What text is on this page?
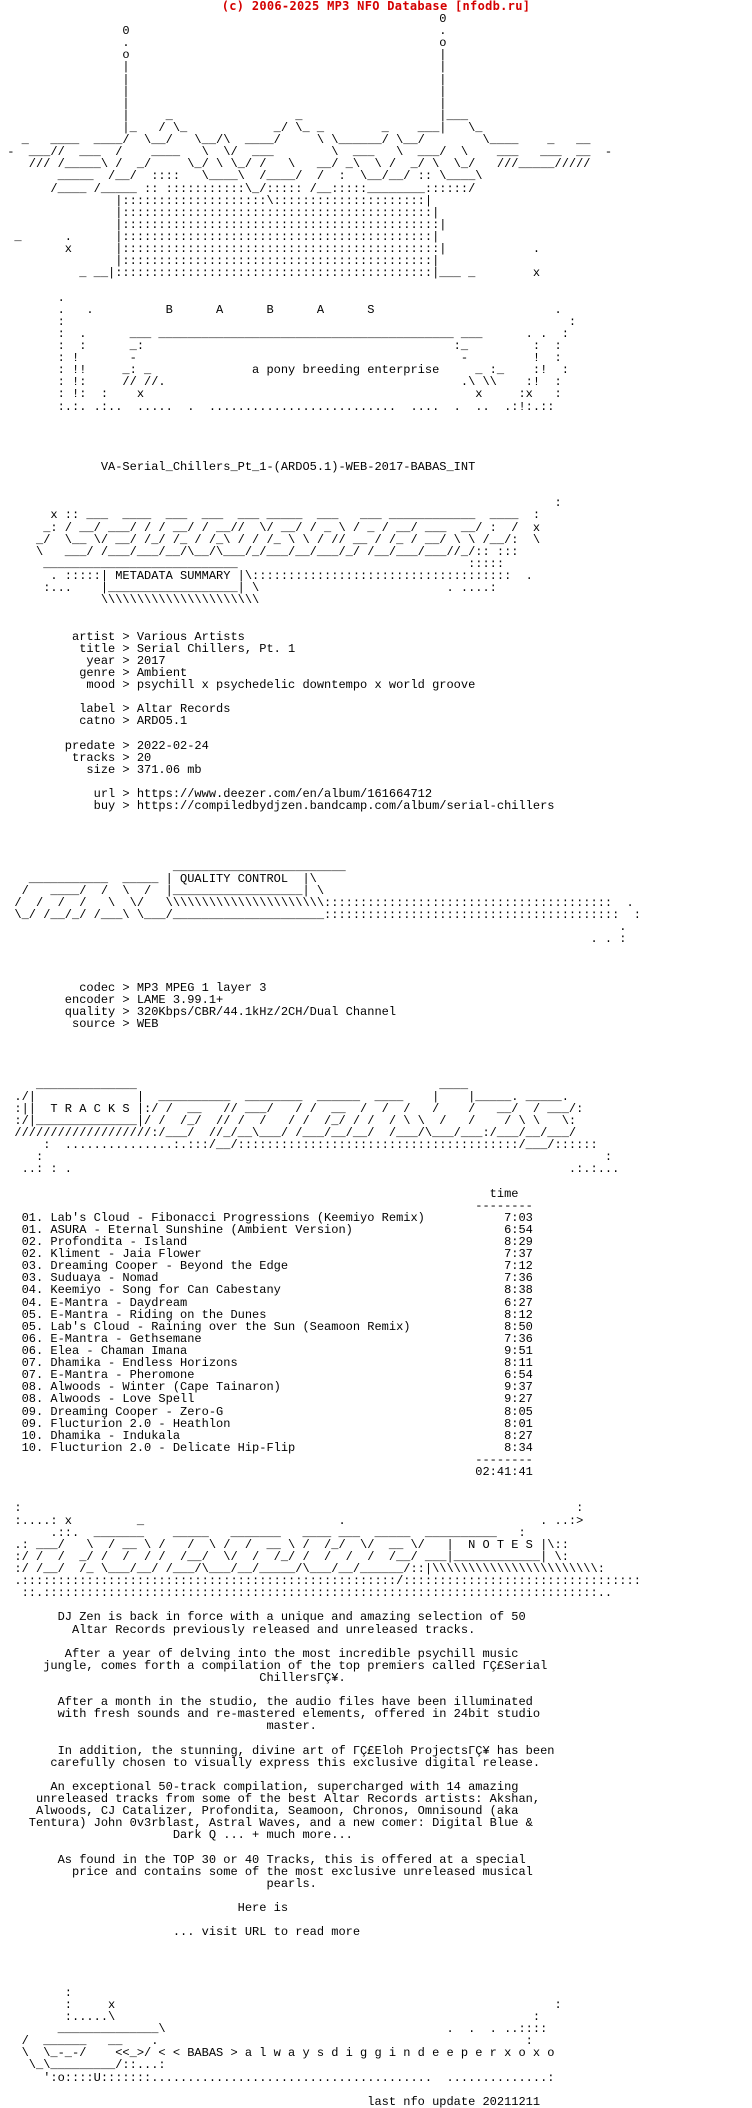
(c) 2006-2025 MP3 NFO Database [nfodb.ru]
0
0                                           .
.                                           o
o                                           |
|                                           |
|                                           |
|                                           |
|                                           |
|     _                 _                   |___
|_   / \_            _/ \_ _        _    ___|   \_
_   ____  ____/  \__/   \__/\  ____/     \ \______/ \__/        \____    _   __
-  ___//  ___  /    ____   \  \/  ___        \  ___   \  ___/  \    ___   ___  __  -
/// /_____\ /  _/     \_/ \ \_/ /   \   __/ _\  \ /  _/ \  \_/   ///_____/////
_____  /__/  ::::   \____\  /____/  /  :  \__/__/ :: \____\
/____ /_____ :: :::::::::::\_/::::: /__:::::________::::::/
|::::::::::::::::::::\:::::::::::::::::::::|
|:::::::::::::::::::::::::::::::::::::::::::|
|::::::::::::::::::::::::::::::::::::::::::::|
_      .      |:::::::::::::::::::::::::::::::::::::::::::|
x      |::::::::::::::::::::::::::::::::::::::::::::|            .
|:::::::::::::::::::::::::::::::::::::::::::|
_ __|::::::::::::::::::::::::::::::::::::::::::::|___ _        x
.
.   .          B      A      B      A      S                         .
:                                                                      :
:  .      ___ _________________________________________ ___      . .  :
:  :      _:                                           :_         :  :
: !       -                                             -         !  :
: !!     _: _              a pony breeding enterprise     _ :_    :!  :
: !:     // //.                                         .\ \\    :!  :
: !:  :    x                                              x     :x   :
:.:. .:..  .....  .  ..........................  ....  .  ..  .:!:.::
VA-Serial_Chillers_Pt_1-(ARDO5.1)-WEB-2017-BABAS_INT
:
x :: ___  ____  ___  ___  ___ _____  ___   ___ ____________  ____  :
_: / __/ ___/ / / __/ / __//  \/ __/ / _ \ / _ / __/ ___  __/ :  /  x
_/  \__ \/ __/ /_/ /_ / /_\ / / /_ \ \ / // __ / /_ / __/ \ \ /__/:  \
\   ___/ /___/___/__/\__/\___/_/___/__/___/_/ /__/___/___//_/:: :::
___________________________                                :::::
. :::::| METADATA SUMMARY |\::::::::::::::::::::::::::::::::::::  .
:...    |__________________| \                          . ....:
\\\\\\\\\\\\\\\\\\\\\\
artist > Various Artists
title > Serial Chillers, Pt. 1
year > 2017
genre > Ambient
mood > psychill x psychedelic downtempo x world groove
label > Altar Records
catno > ARDO5.1
predate > 2022-02-24
tracks > 20
size > 371.06 mb
url > https://www.deezer.com/en/album/161664712
buy > https://compiledbydjzen.bandcamp.com/album/serial-chillers
________________________
___________  _____ | QUALITY CONTROL  |\
/   ____/  /  \  /  |__________________| \
/  /  /  /   \  \/   \\\\\\\\\\\\\\\\\\\\\\::::::::::::::::::::::::::::::::::::::::  .
\_/ /__/_/ /___\ \___/_____________________:::::::::::::::::::::::::::::::::::::::::  :
.
. . :
codec > MP3 MPEG 1 layer 3
encoder > LAME 3.99.1+
quality > 320Kbps/CBR/44.1kHz/2CH/Dual Channel
source > WEB
______________                                          ____
./|              |  __________  ________  ______  ____    |    |_____. _____.
:||  T R A C K S |:/ /  __   // ___/   / /  __  /  /  /   /    /   __/  / ___/:
:/|______________|/ /  /_/  // /  /   / /  /_/ / /  / \ \  /   /    / \ \   \:
///////////////////:/___/  //_/__\___/ /___/__/__/  /___/\___/___:/___/__/___/
:  ...............:.:::/__/:::::::::::::::::::::::::::::::::::::::/___/::::::
:                                                                              :
..: : .                                                                     .:.:...
time
--------
01. Lab's Cloud - Fibonacci Progressions (Keemiyo Remix)           7:03
01. ASURA - Eternal Sunshine (Ambient Version)                     6:54
02. Profondita - Island                                            8:29
02. Kliment - Jaia Flower                                          7:37
03. Dreaming Cooper - Beyond the Edge                              7:12
03. Suduaya - Nomad                                                7:36
04. Keemiyo - Song for Can Cabestany                               8:38
04. E-Mantra - Daydream                                            6:27
05. E-Mantra - Riding on the Dunes                                 8:12
05. Lab's Cloud - Raining over the Sun (Seamoon Remix)             8:50
06. E-Mantra - Gethsemane                                          7:36
06. Elea - Chaman Imana                                            9:51
07. Dhamika - Endless Horizons                                     8:11
07. E-Mantra - Pheromone                                           6:54
08. Alwoods - Winter (Cape Tainaron)                               9:37
08. Alwoods - Love Spell                                           9:27
09. Dreaming Cooper - Zero-G                                       8:05
09. Flucturion 2.0 - Heathlon                                      8:01
10. Dhamika - Indukala                                             8:27
10. Flucturion 2.0 - Delicate Hip-Flip                             8:34
--------
02:41:41
:                                                                             :
:....: x         _                           .                           . ..:>
.::.  _______    _____   _______   ____ ___  _____  __________   :
.: ___/   \  / __ \ /   /  \ /  /  __ \ /  /_/  \/  __ \/   |  N O T E S |\::
:/ /  /  _/ /  /  / /  /__/  \/  /  /_/ /  /  /  /  /__/ ___|____________| \:
:/ /__/  /_ \___/__/ /___/\___/__/_____/\___/__/______/::|\\\\\\\\\\\\\\\\\\\\\\\:
.::::::::::::::::::::::::::::::::::::::::::::::::::::/:::::::::::::::::::::::::::::::::
::.:::::::::::::::::::::::::::::::::::::::::::::::::::::::::::::::::::::::::::::..
DJ Zen is back in force with a unique and amazing selection of 50
Altar Records previously released and unreleased tracks.
After a year of delving into the most incredible psychill music
jungle, comes forth a compilation of the top premiers called ΓÇ£Serial
ChillersΓÇ¥.
After a month in the studio, the audio files have been illuminated
with fresh sounds and re-mastered elements, offered in 24bit studio
master.
In addition, the stunning, divine art of ΓÇ£Eloh ProjectsΓÇ¥ has been
carefully chosen to visually express this exclusive digital release.
An exceptional 50-track compilation, supercharged with 14 amazing
unreleased tracks from some of the best Altar Records artists: Akshan,
Alwoods, CJ Catalizer, Profondita, Seamoon, Chronos, Omnisound (aka
Tentura) John 0v3rblast, Astral Waves, and a new comer: Digital Blue &
Dark Q ... + much more...
As found in the TOP 30 or 40 Tracks, this is offered at a special
price and contains some of the most exclusive unreleased musical
pearls.
Here is
... visit URL to read more
:
:     x                                                             :
:.....\                                                          :
______________\                                       .  .  . ..::::
/  ______   __    .                                                   :
\  \_-_-/    <<_>/ < < BABAS > a l w a y s d i g g i n d e e p e r x o x o
\_\_________/::...:
':o::::U:::::::.......................................  ..............:
last nfo update 20211211
